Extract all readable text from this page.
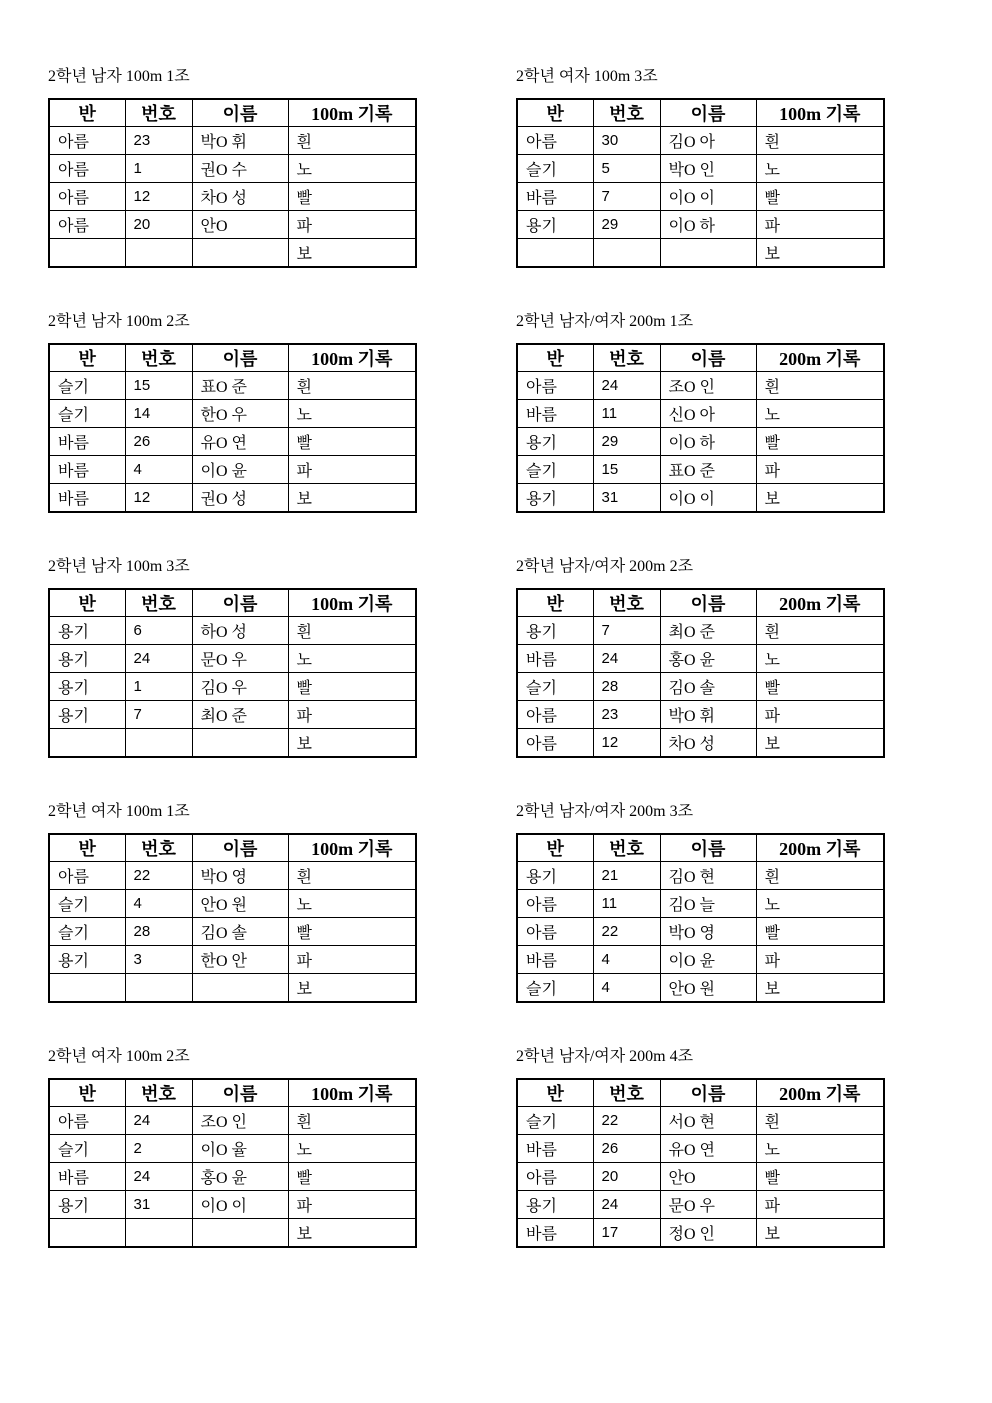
2학년 남자 100m 1조
반	번호	이름	100m 기록
아름	23	박O 휘	흰
아름	1	권O 수	노
아름	12	차O 성	빨
아름	20	안O	파
			보
2학년 여자 100m 3조
반	번호	이름	100m 기록
아름	30	김O 아	흰
슬기	5	박O 인	노
바름	7	이O 이	빨
용기	29	이O 하	파
			보
2학년 남자 100m 2조
반	번호	이름	100m 기록
슬기	15	표O 준	흰
슬기	14	한O 우	노
바름	26	유O 연	빨
바름	4	이O 윤	파
바름	12	권O 성	보
2학년 남자/여자 200m 1조
반	번호	이름	200m 기록
아름	24	조O 인	흰
바름	11	신O 아	노
용기	29	이O 하	빨
슬기	15	표O 준	파
용기	31	이O 이	보
2학년 남자 100m 3조
반	번호	이름	100m 기록
용기	6	하O 성	흰
용기	24	문O 우	노
용기	1	김O 우	빨
용기	7	최O 준	파
			보
2학년 남자/여자 200m 2조
반	번호	이름	200m 기록
용기	7	최O 준	흰
바름	24	홍O 윤	노
슬기	28	김O 솔	빨
아름	23	박O 휘	파
아름	12	차O 성	보
2학년 여자 100m 1조
반	번호	이름	100m 기록
아름	22	박O 영	흰
슬기	4	안O 원	노
슬기	28	김O 솔	빨
용기	3	한O 안	파
			보
2학년 남자/여자 200m 3조
반	번호	이름	200m 기록
용기	21	김O 현	흰
아름	11	김O 늘	노
아름	22	박O 영	빨
바름	4	이O 윤	파
슬기	4	안O 원	보
2학년 여자 100m 2조
반	번호	이름	100m 기록
아름	24	조O 인	흰
슬기	2	이O 율	노
바름	24	홍O 윤	빨
용기	31	이O 이	파
			보
2학년 남자/여자 200m 4조
반	번호	이름	200m 기록
슬기	22	서O 현	흰
바름	26	유O 연	노
아름	20	안O	빨
용기	24	문O 우	파
바름	17	정O 인	보
